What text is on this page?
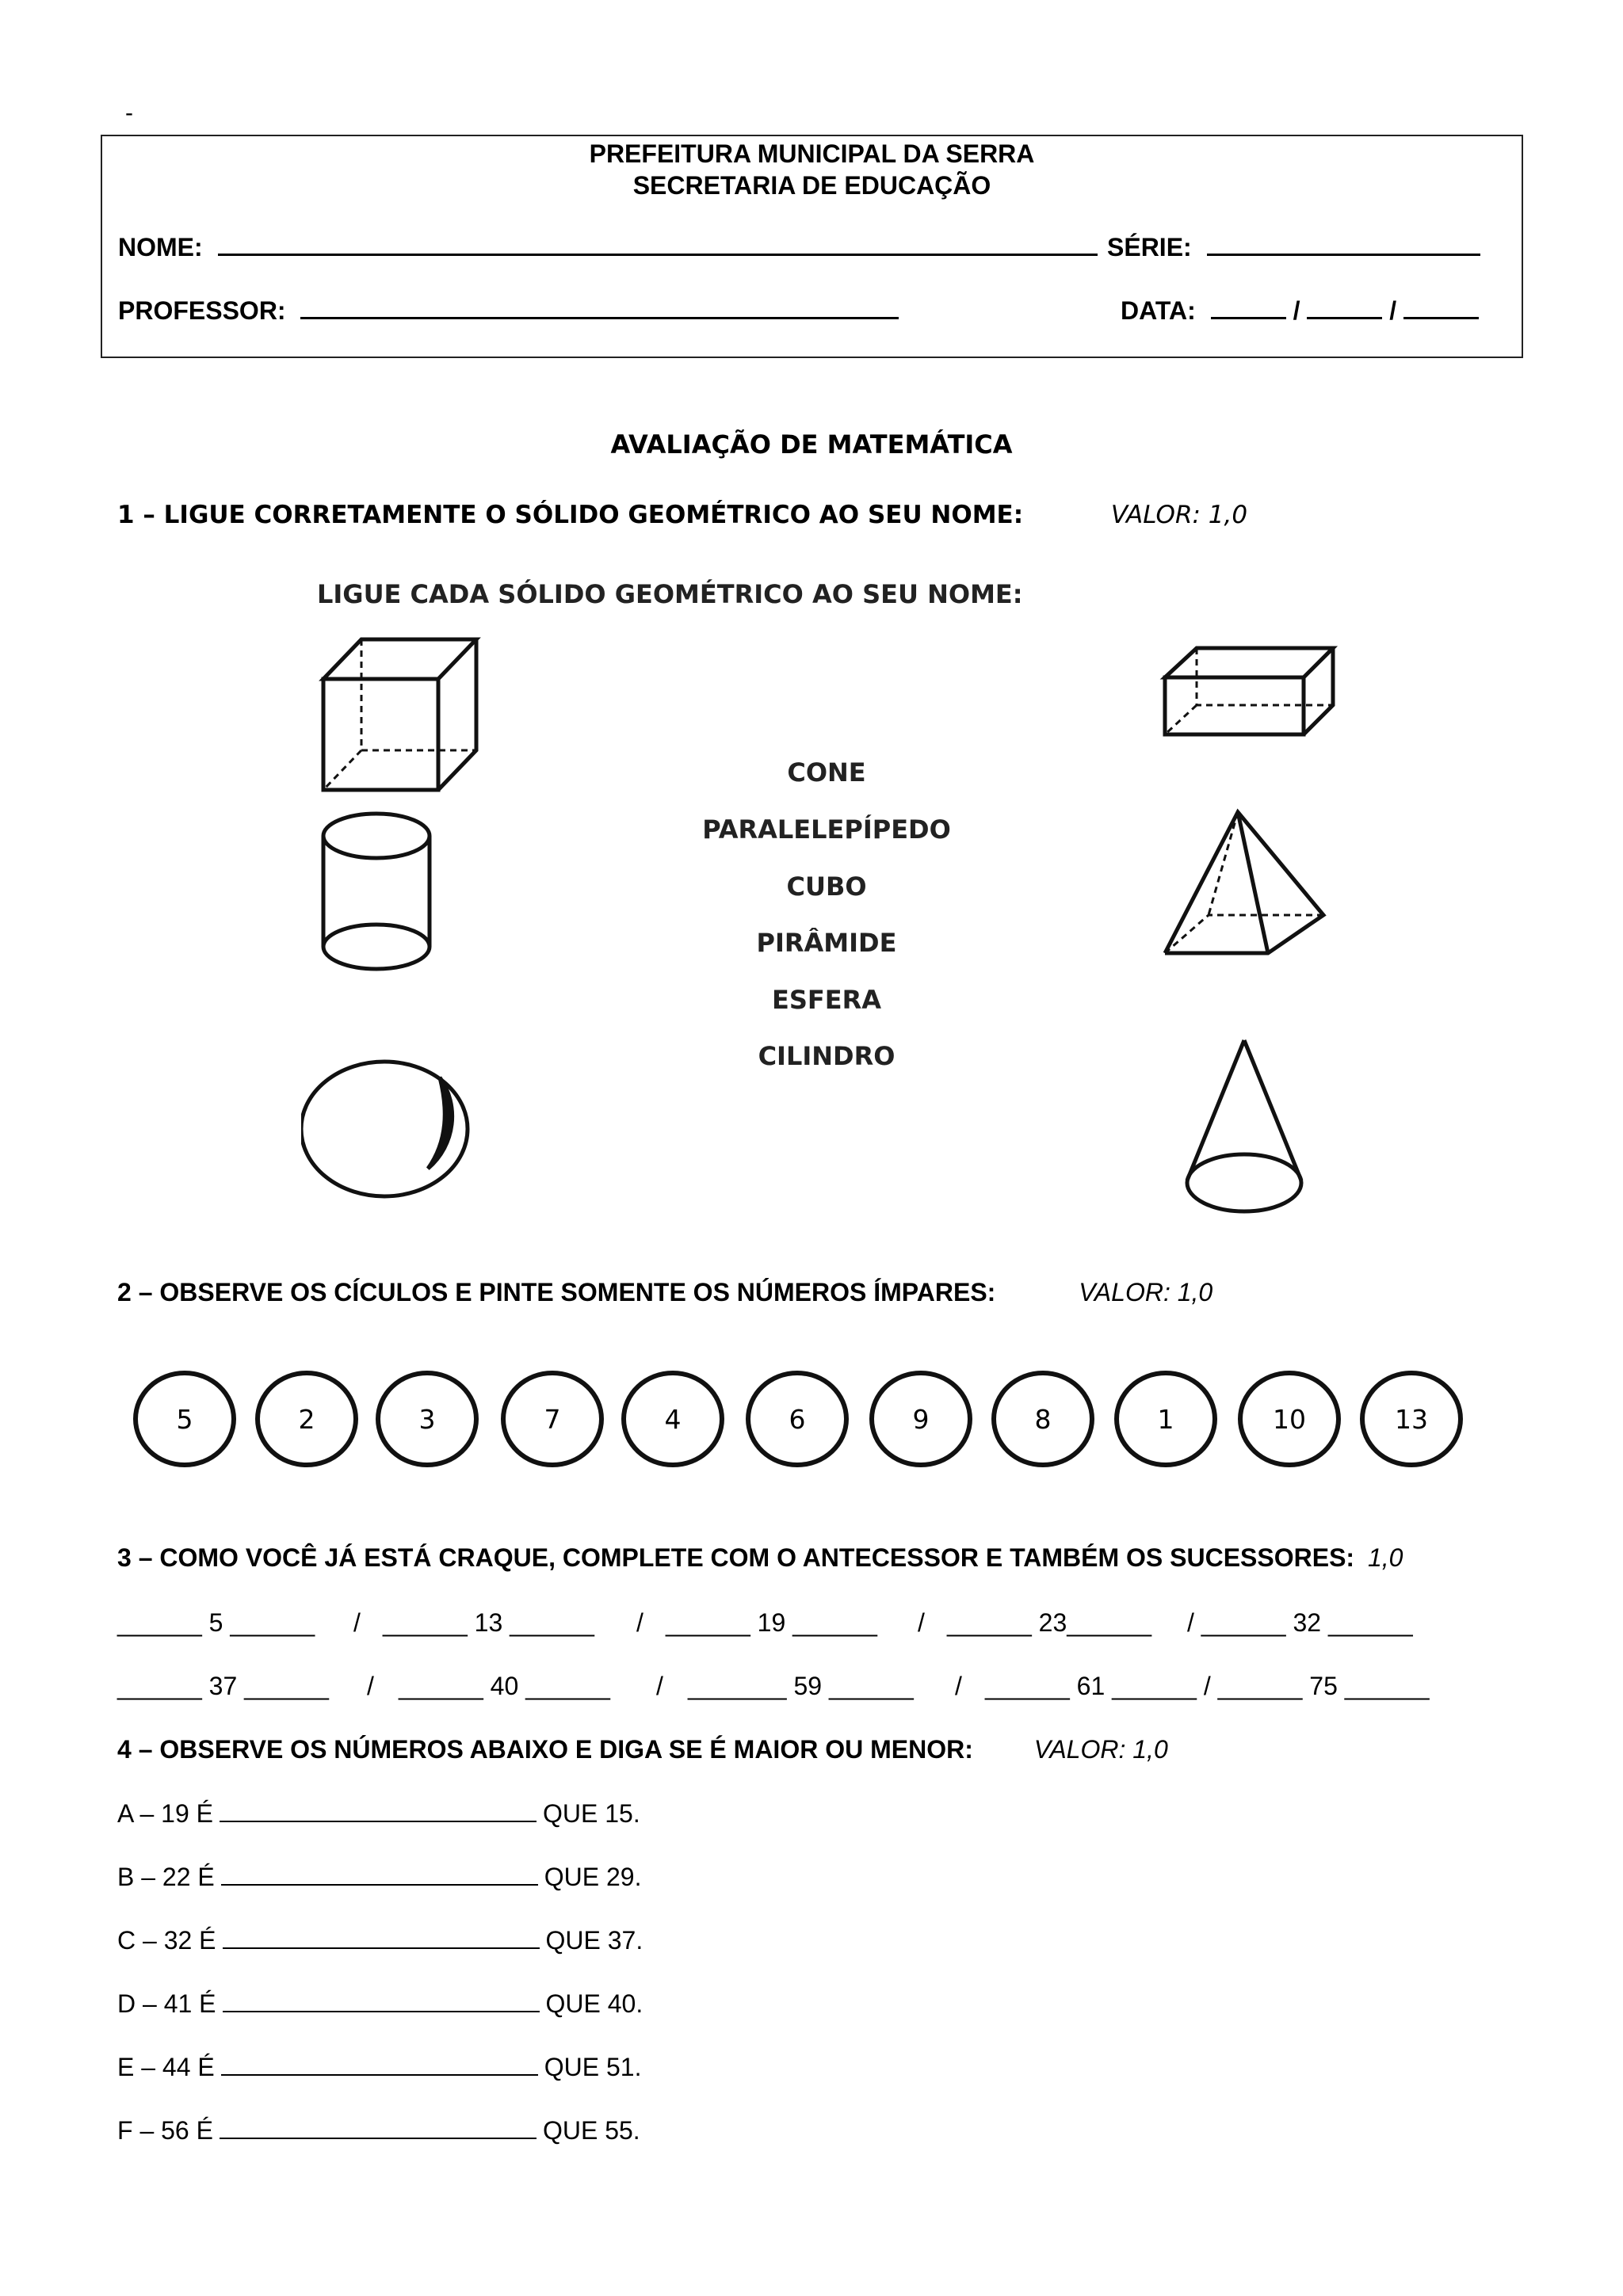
-
PREFEITURA MUNICIPAL DA SERRA
SECRETARIA DE EDUCAÇÃO
NOME:	SÉRIE:
PROFESSOR:	DATA:	/	/
AVALIAÇÃO DE MATEMÁTICA
1 – LIGUE CORRETAMENTE O SÓLIDO GEOMÉTRICO AO SEU NOME:	VALOR: 1,0
LIGUE CADA SÓLIDO GEOMÉTRICO AO SEU NOME:
CONE
PARALELEPÍPEDO
CUBO
PIRÂMIDE
ESFERA
CILINDRO
2 – OBSERVE OS CÍCULOS E PINTE SOMENTE OS NÚMEROS ÍMPARES:	VALOR: 1,0
5	2	3	7	4	6	9	8	1	10	13
3 – COMO VOCÊ JÁ ESTÁ CRAQUE, COMPLETE COM O ANTECESSOR E TAMBÉM OS SUCESSORES: 1,0
______ 5 ______ / ______ 13 ______ / ______ 19 ______ / ______ 23______ / ______ 32 ______
______ 37 ______ / ______ 40 ______ / _______ 59 ______ / ______ 61 ______ / ______ 75 ______
4 – OBSERVE OS NÚMEROS ABAIXO E DIGA SE É MAIOR OU MENOR: VALOR: 1,0
A – 19 É	QUE 15.
B – 22 É	QUE 29.
C – 32 É	QUE 37.
D – 41 É	QUE 40.
E – 44 É	QUE 51.
F – 56 É	QUE 55.
